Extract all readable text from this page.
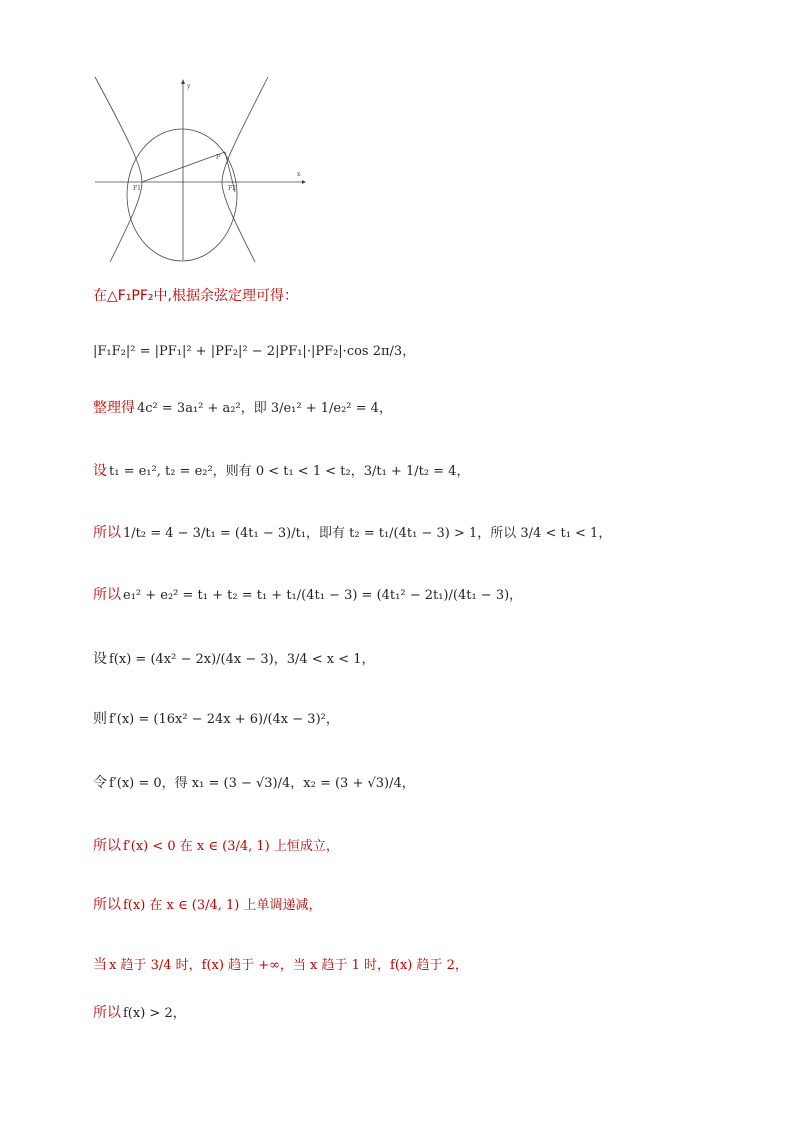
x
y
P
F1	F2
在△F₁PF₂中,根据余弦定理可得：
|F₁F₂|² = |PF₁|² + |PF₂|² − 2|PF₁|·|PF₂|·cos 2π/3，
整理得 4c² = 3a₁² + a₂²，即 3/e₁² + 1/e₂² = 4，
设 t₁ = e₁², t₂ = e₂²，则有 0 < t₁ < 1 < t₂，3/t₁ + 1/t₂ = 4，
所以 1/t₂ = 4 − 3/t₁ = (4t₁ − 3)/t₁，即有 t₂ = t₁/(4t₁ − 3) > 1，所以 3/4 < t₁ < 1，
所以 e₁² + e₂² = t₁ + t₂ = t₁ + t₁/(4t₁ − 3) = (4t₁² − 2t₁)/(4t₁ − 3)，
设 f(x) = (4x² − 2x)/(4x − 3)，3/4 < x < 1，
则 f′(x) = (16x² − 24x + 6)/(4x − 3)²，
令 f′(x) = 0，得 x₁ = (3 − √3)/4，x₂ = (3 + √3)/4，
所以 f′(x) < 0 在 x ∈ (3/4, 1) 上恒成立，
所以 f(x) 在 x ∈ (3/4, 1) 上单调递减，
当 x 趋于 3/4 时，f(x) 趋于 +∞，当 x 趋于 1 时，f(x) 趋于 2，
所以 f(x) > 2，
